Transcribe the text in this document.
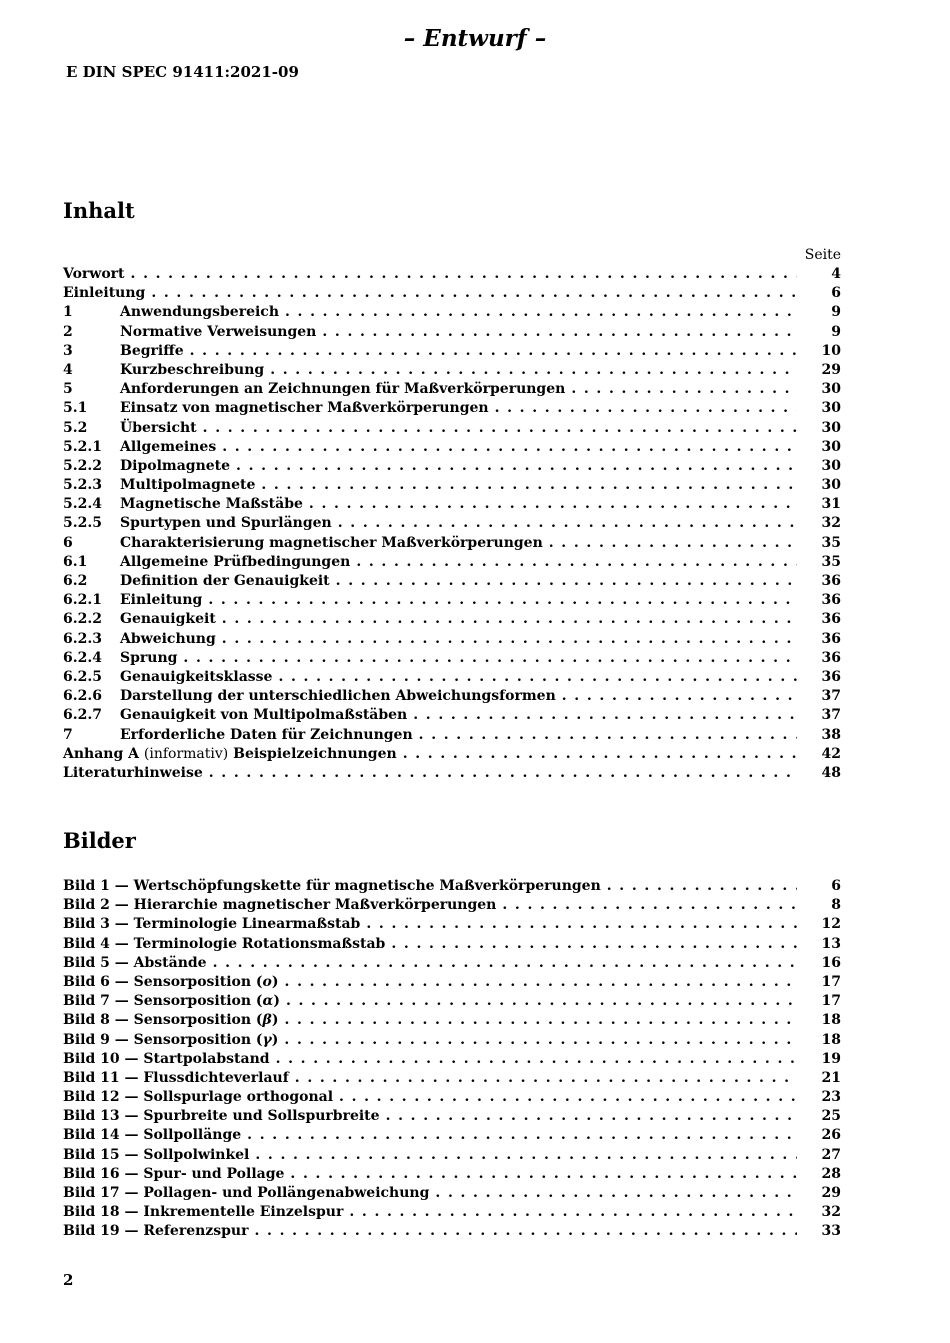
– Entwurf –
E DIN SPEC 91411:2021-09
Inhalt
Seite
Vorwort . . .	4
Einleitung . . .	6
1	Anwendungsbereich . . .	9
2	Normative Verweisungen . . .	9
3	Begriffe . . .	10
4	Kurzbeschreibung . . .	29
5	Anforderungen an Zeichnungen für Maßverkörperungen . . .	30
5.1	Einsatz von magnetischer Maßverkörperungen . . .	30
5.2	Übersicht . . .	30
5.2.1	Allgemeines . . .	30
5.2.2	Dipolmagnete . . .	30
5.2.3	Multipolmagnete . . .	30
5.2.4	Magnetische Maßstäbe . . .	31
5.2.5	Spurtypen und Spurlängen . . .	32
6	Charakterisierung magnetischer Maßverkörperungen . . .	35
6.1	Allgemeine Prüfbedingungen . . .	35
6.2	Definition der Genauigkeit . . .	36
6.2.1	Einleitung . . .	36
6.2.2	Genauigkeit . . .	36
6.2.3	Abweichung . . .	36
6.2.4	Sprung . . .	36
6.2.5	Genauigkeitsklasse . . .	36
6.2.6	Darstellung der unterschiedlichen Abweichungsformen . . .	37
6.2.7	Genauigkeit von Multipolmaßstäben . . .	37
7	Erforderliche Daten für Zeichnungen . . .	38
Anhang A (informativ) Beispielzeichnungen . . .	42
Literaturhinweise . . .	48
Bilder
Bild 1 — Wertschöpfungskette für magnetische Maßverkörperungen . . .	6
Bild 2 — Hierarchie magnetischer Maßverkörperungen . . .	8
Bild 3 — Terminologie Linearmaßstab . . .	12
Bild 4 — Terminologie Rotationsmaßstab . . .	13
Bild 5 — Abstände . . .	16
Bild 6 — Sensorposition (o) . . .	17
Bild 7 — Sensorposition (α) . . .	17
Bild 8 — Sensorposition (β) . . .	18
Bild 9 — Sensorposition (γ) . . .	18
Bild 10 — Startpolabstand . . .	19
Bild 11 — Flussdichteverlauf . . .	21
Bild 12 — Sollspurlage orthogonal . . .	23
Bild 13 — Spurbreite und Sollspurbreite . . .	25
Bild 14 — Sollpollänge . . .	26
Bild 15 — Sollpolwinkel . . .	27
Bild 16 — Spur- und Pollage . . .	28
Bild 17 — Pollagen- und Pollängenabweichung . . .	29
Bild 18 — Inkrementelle Einzelspur . . .	32
Bild 19 — Referenzspur . . .	33
2
